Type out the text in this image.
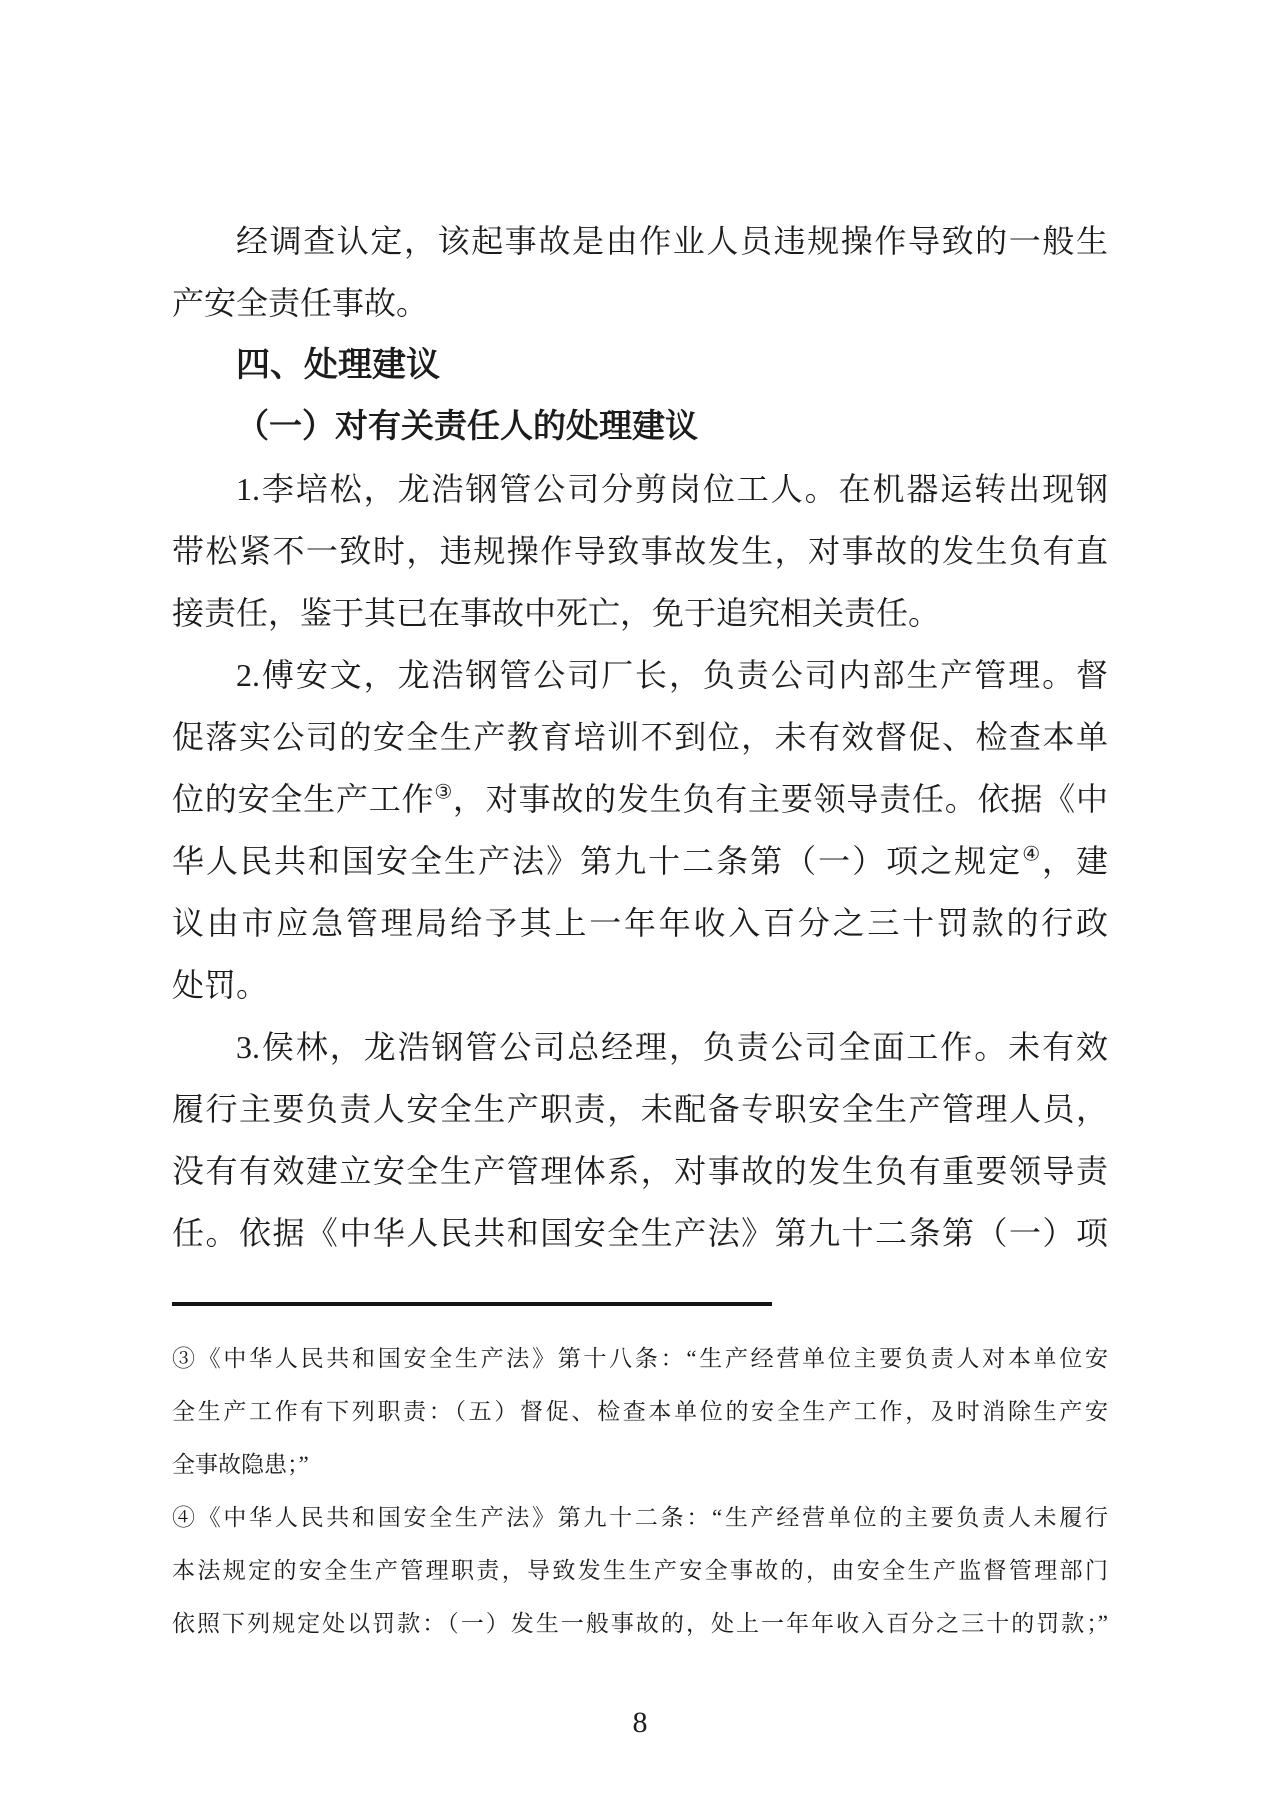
经调查认定，该起事故是由作业人员违规操作导致的一般生
产安全责任事故。
四、处理建议
（一）对有关责任人的处理建议
1.李培松，龙浩钢管公司分剪岗位工人。在机器运转出现钢
带松紧不一致时，违规操作导致事故发生，对事故的发生负有直
接责任，鉴于其已在事故中死亡，免于追究相关责任。
2.傅安文，龙浩钢管公司厂长，负责公司内部生产管理。督
促落实公司的安全生产教育培训不到位，未有效督促、检查本单
位的安全生产工作③，对事故的发生负有主要领导责任。依据《中
华人民共和国安全生产法》第九十二条第（一）项之规定④，建
议由市应急管理局给予其上一年年收入百分之三十罚款的行政
处罚。
3.侯林，龙浩钢管公司总经理，负责公司全面工作。未有效
履行主要负责人安全生产职责，未配备专职安全生产管理人员，
没有有效建立安全生产管理体系，对事故的发生负有重要领导责
任。依据《中华人民共和国安全生产法》第九十二条第（一）项
③《中华人民共和国安全生产法》第十八条：“生产经营单位主要负责人对本单位安
全生产工作有下列职责：（五）督促、检查本单位的安全生产工作，及时消除生产安
全事故隐患；”
④《中华人民共和国安全生产法》第九十二条：“生产经营单位的主要负责人未履行
本法规定的安全生产管理职责，导致发生生产安全事故的，由安全生产监督管理部门
依照下列规定处以罚款：（一）发生一般事故的，处上一年年收入百分之三十的罚款；”
8
